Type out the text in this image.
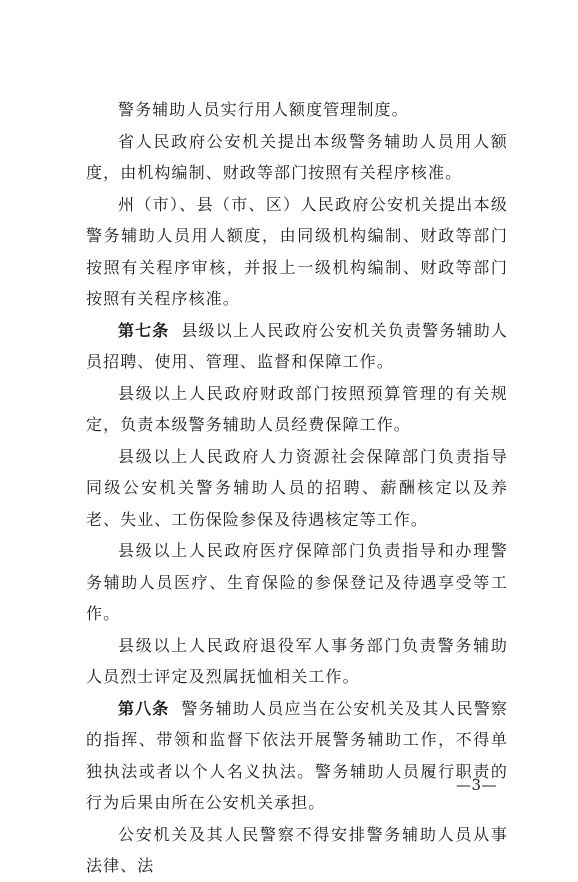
警务辅助人员实行用人额度管理制度。

省人民政府公安机关提出本级警务辅助人员用人额度，由机构编制、财政等部门按照有关程序核准。

州（市）、县（市、区）人民政府公安机关提出本级警务辅助人员用人额度，由同级机构编制、财政等部门按照有关程序审核，并报上一级机构编制、财政等部门按照有关程序核准。

第七条 县级以上人民政府公安机关负责警务辅助人员招聘、使用、管理、监督和保障工作。

县级以上人民政府财政部门按照预算管理的有关规定，负责本级警务辅助人员经费保障工作。

县级以上人民政府人力资源社会保障部门负责指导同级公安机关警务辅助人员的招聘、薪酬核定以及养老、失业、工伤保险参保及待遇核定等工作。

县级以上人民政府医疗保障部门负责指导和办理警务辅助人员医疗、生育保险的参保登记及待遇享受等工作。

县级以上人民政府退役军人事务部门负责警务辅助人员烈士评定及烈属抚恤相关工作。

第八条 警务辅助人员应当在公安机关及其人民警察的指挥、带领和监督下依法开展警务辅助工作，不得单独执法或者以个人名义执法。警务辅助人员履行职责的行为后果由所在公安机关承担。

公安机关及其人民警察不得安排警务辅助人员从事法律、法

—3—
